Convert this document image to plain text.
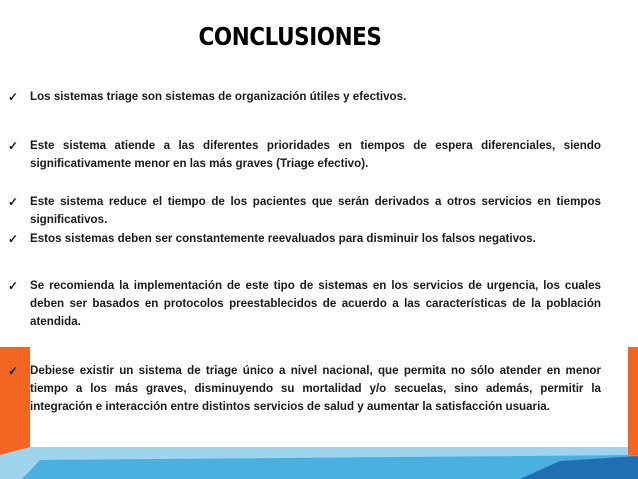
CONCLUSIONES
✓	Los sistemas triage son sistemas de organización útiles y efectivos.
✓	Este sistema atiende a las diferentes prioridades en tiempos de espera diferenciales, siendo significativamente menor en las más graves (Triage efectivo).
✓	Este sistema reduce el tiempo de los pacientes que serán derivados a otros servicios en tiempos significativos.
✓	Estos sistemas deben ser constantemente reevaluados para disminuir los falsos negativos.
✓	Se recomienda la implementación de este tipo de sistemas en los servicios de urgencia, los cuales deben ser basados en protocolos preestablecidos de acuerdo a las características de la población atendida.
✓	Debiese existir un sistema de triage único a nivel nacional, que permita no sólo atender en menor tiempo a los más graves, disminuyendo su mortalidad y/o secuelas, sino además, permitir la integración e interacción entre distintos servicios de salud y aumentar la satisfacción usuaria.
